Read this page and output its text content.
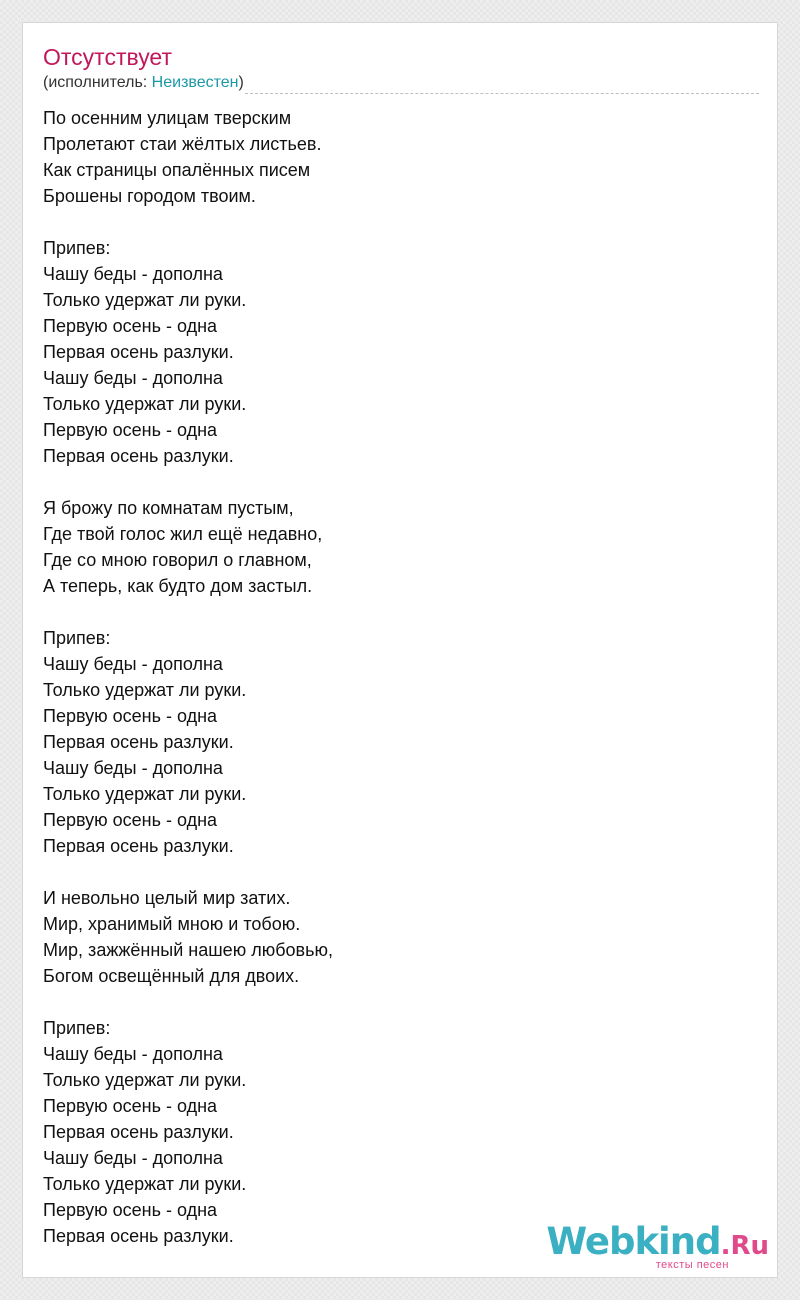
Отсутствует
(исполнитель: Неизвестен)
По осенним улицам тверским
Пролетают стаи жёлтых листьев.
Как страницы опалённых писем
Брошены городом твоим.
Припев:
Чашу беды - дополна
Только удержат ли руки.
Первую осень - одна
Первая осень разлуки.
Чашу беды - дополна
Только удержат ли руки.
Первую осень - одна
Первая осень разлуки.
Я брожу по комнатам пустым,
Где твой голос жил ещё недавно,
Где со мною говорил о главном,
А теперь, как будто дом застыл.
Припев:
Чашу беды - дополна
Только удержат ли руки.
Первую осень - одна
Первая осень разлуки.
Чашу беды - дополна
Только удержат ли руки.
Первую осень - одна
Первая осень разлуки.
И невольно целый мир затих.
Мир, хранимый мною и тобою.
Мир, зажжённый нашею любовью,
Богом освещённый для двоих.
Припев:
Чашу беды - дополна
Только удержат ли руки.
Первую осень - одна
Первая осень разлуки.
Чашу беды - дополна
Только удержат ли руки.
Первую осень - одна
Первая осень разлуки.	Webkind.Ru
тексты песен
